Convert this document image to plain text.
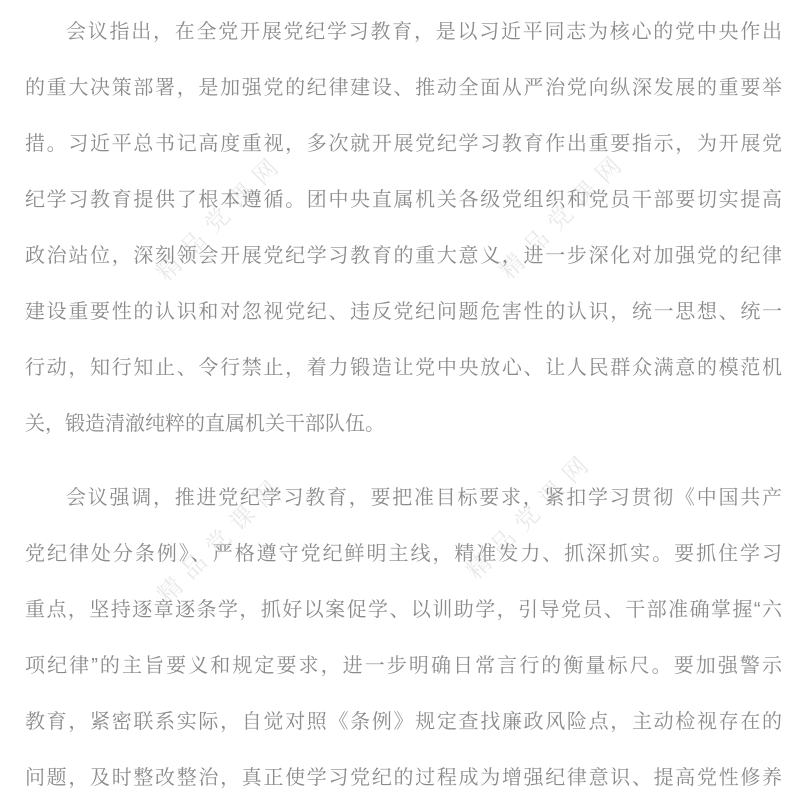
精品党课网	精品党课网
精品党课网	精品党课网
会议指出，在全党开展党纪学习教育，是以习近平同志为核心的党中央作出
的重大决策部署，是加强党的纪律建设、推动全面从严治党向纵深发展的重要举
措。习近平总书记高度重视，多次就开展党纪学习教育作出重要指示，为开展党
纪学习教育提供了根本遵循。团中央直属机关各级党组织和党员干部要切实提高
政治站位，深刻领会开展党纪学习教育的重大意义，进一步深化对加强党的纪律
建设重要性的认识和对忽视党纪、违反党纪问题危害性的认识，统一思想、统一
行动，知行知止、令行禁止，着力锻造让党中央放心、让人民群众满意的模范机
关，锻造清澈纯粹的直属机关干部队伍。
会议强调，推进党纪学习教育，要把准目标要求，紧扣学习贯彻《中国共产
党纪律处分条例》、严格遵守党纪鲜明主线，精准发力、抓深抓实。要抓住学习
重点，坚持逐章逐条学，抓好以案促学、以训助学，引导党员、干部准确掌握“六
项纪律”的主旨要义和规定要求，进一步明确日常言行的衡量标尺。要加强警示
教育，紧密联系实际，自觉对照《条例》规定查找廉政风险点，主动检视存在的
问题，及时整改整治，真正使学习党纪的过程成为增强纪律意识、提高党性修养
